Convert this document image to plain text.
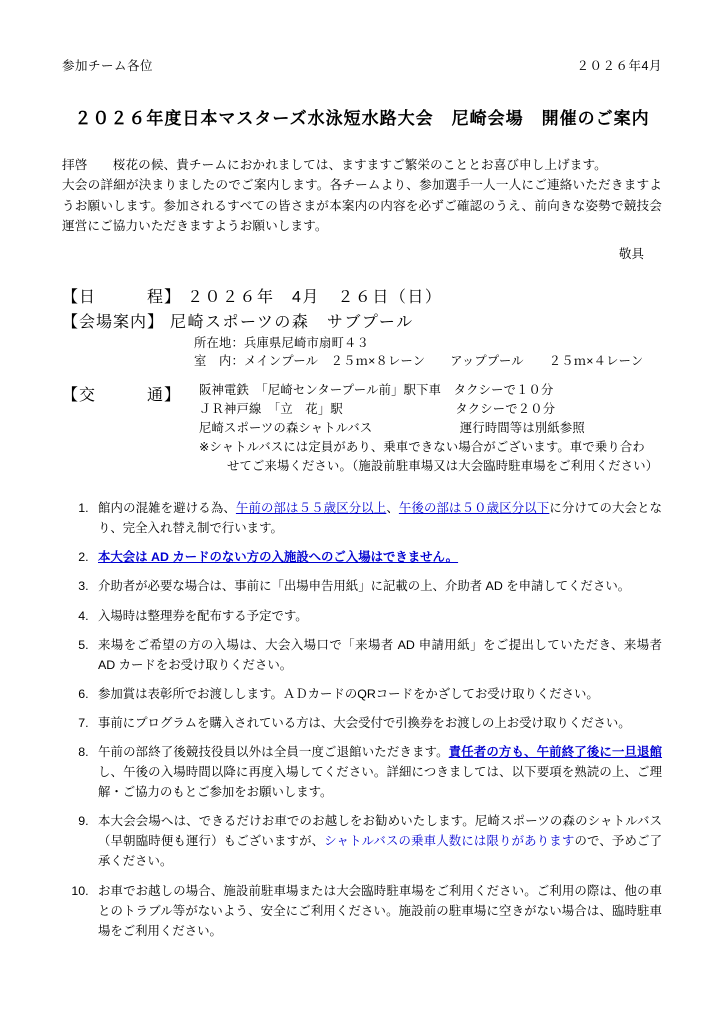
参加チーム各位	２０２６年4月
２０２６年度日本マスターズ水泳短水路大会　尼崎会場　開催のご案内
拝啓　　桜花の候、貴チームにおかれましては、ますますご繁栄のこととお喜び申し上げます。
大会の詳細が決まりましたのでご案内します。各チームより、参加選手一人一人にご連絡いただきますようお願いします。参加されるすべての皆さまが本案内の内容を必ずご確認のうえ、前向きな姿勢で競技会運営にご協力いただきますようお願いします。
敬具
【日　　　程】 ２０２６年　4月　２６日（日）
【会場案内】 尼崎スポーツの森　サブプール
所在地：兵庫県尼崎市扇町４３
室　内：メインプール　２５ｍ×８レーン　　アッププール　　２５ｍ×４レーン
【交　　　通】 阪神電鉄　「尼崎センタープール前」駅下車　タクシーで１０分
ＪＲ神戸線　「立　花」駅　　　　　　　　　タクシーで２０分
尼崎スポーツの森シャトルバス　　　　　　　運行時間等は別紙参照
※シャトルバスには定員があり、乗車できない場合がございます。車で乗り合わ
せてご来場ください。（施設前駐車場又は大会臨時駐車場をご利用ください）
1. 館内の混雑を避ける為、午前の部は５５歳区分以上、午後の部は５０歳区分以下に分けての大会となり、完全入れ替え制で行います。
2. 本大会は AD カードのない方の入施設へのご入場はできません。
3. 介助者が必要な場合は、事前に「出場申告用紙」に記載の上、介助者 AD を申請してください。
4. 入場時は整理券を配布する予定です。
5. 来場をご希望の方の入場は、大会入場口で「来場者 AD 申請用紙」をご提出していただき、来場者 AD カードをお受け取りください。
6. 参加賞は表彰所でお渡しします。ＡＤカードのQRコードをかざしてお受け取りください。
7. 事前にプログラムを購入されている方は、大会受付で引換券をお渡しの上お受け取りください。
8. 午前の部終了後競技役員以外は全員一度ご退館いただきます。責任者の方も、午前終了後に一旦退館し、午後の入場時間以降に再度入場してください。詳細につきましては、以下要項を熟読の上、ご理解・ご協力のもとご参加をお願いします。
9. 本大会会場へは、できるだけお車でのお越しをお勧めいたします。尼崎スポーツの森のシャトルバス（早朝臨時便も運行）もございますが、シャトルバスの乗車人数には限りがありますので、予めご了承ください。
10. お車でお越しの場合、施設前駐車場または大会臨時駐車場をご利用ください。ご利用の際は、他の車とのトラブル等がないよう、安全にご利用ください。施設前の駐車場に空きがない場合は、臨時駐車場をご利用ください。
